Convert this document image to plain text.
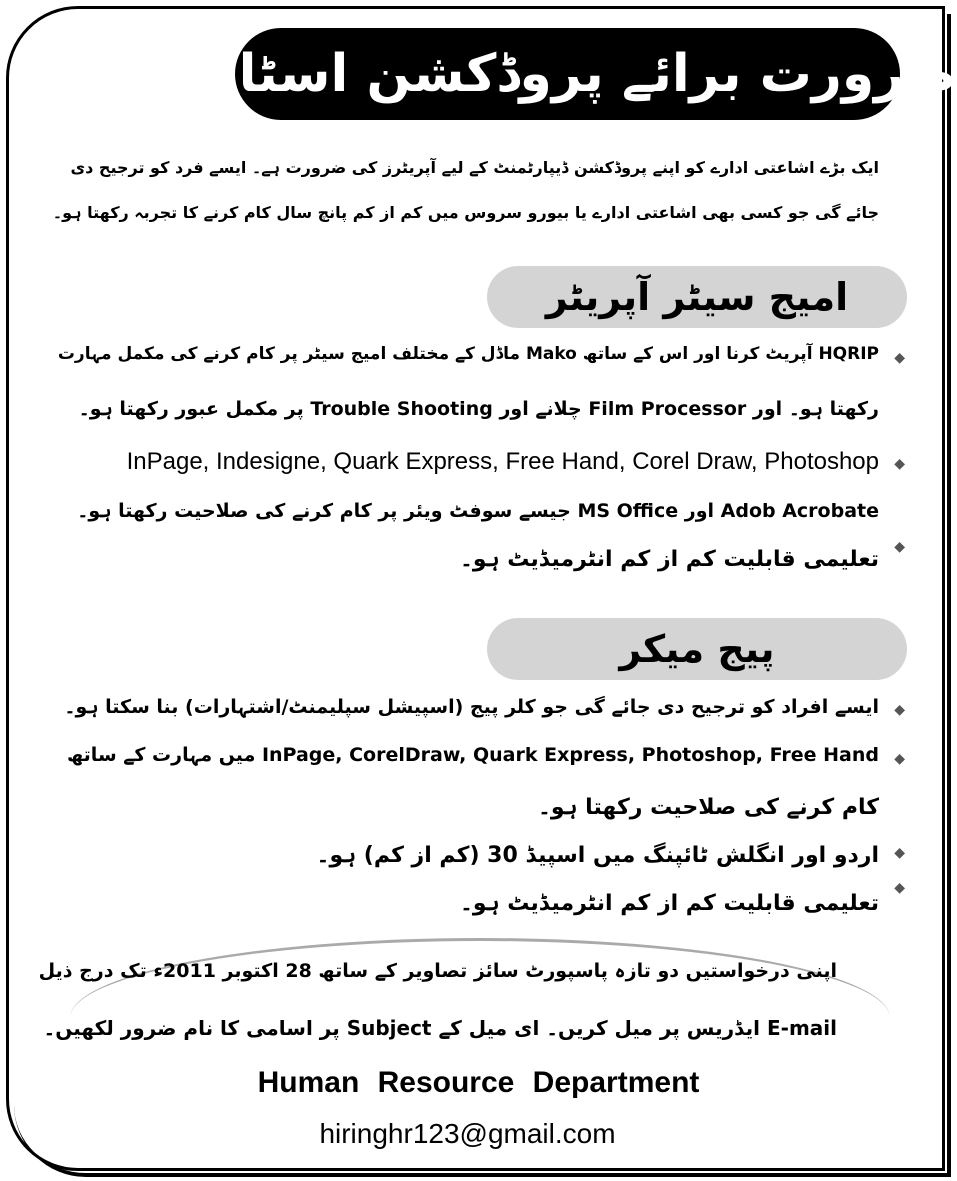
ضرورت برائے پروڈکشن اسٹاف
ایک بڑے اشاعتی ادارے کو اپنے پروڈکشن ڈیپارٹمنٹ کے لیے آپریٹرز کی ضرورت ہے۔ ایسے فرد کو ترجیح دی
جائے گی جو کسی بھی اشاعتی ادارے یا بیورو سروس میں کم از کم پانچ سال کام کرنے کا تجربہ رکھتا ہو۔
امیج سیٹر آپریٹر
◆
HQRIP آپریٹ کرنا اور اس کے ساتھ Mako ماڈل کے مختلف امیج سیٹر پر کام کرنے کی مکمل مہارت
رکھتا ہو۔ اور Film Processor چلانے اور Trouble Shooting پر مکمل عبور رکھتا ہو۔
◆
InPage, Indesigne, Quark Express, Free Hand, Corel Draw, Photoshop
Adob Acrobate اور MS Office جیسے سوفٹ ویئر پر کام کرنے کی صلاحیت رکھتا ہو۔
◆
تعلیمی قابلیت کم از کم انٹرمیڈیٹ ہو۔
پیج میکر
◆
ایسے افراد کو ترجیح دی جائے گی جو کلر پیج (اسپیشل سپلیمنٹ/اشتہارات) بنا سکتا ہو۔
◆
InPage, CorelDraw, Quark Express, Photoshop, Free Hand میں مہارت کے ساتھ
کام کرنے کی صلاحیت رکھتا ہو۔
◆
اردو اور انگلش ٹائپنگ میں اسپیڈ 30 (کم از کم) ہو۔
◆
تعلیمی قابلیت کم از کم انٹرمیڈیٹ ہو۔
اپنی درخواستیں دو تازہ پاسپورٹ سائز تصاویر کے ساتھ 28 اکتوبر 2011ء تک درج ذیل
E-mail ایڈریس پر میل کریں۔ ای میل کے Subject پر اسامی کا نام ضرور لکھیں۔
Human Resource Department
hiringhr123@gmail.com
